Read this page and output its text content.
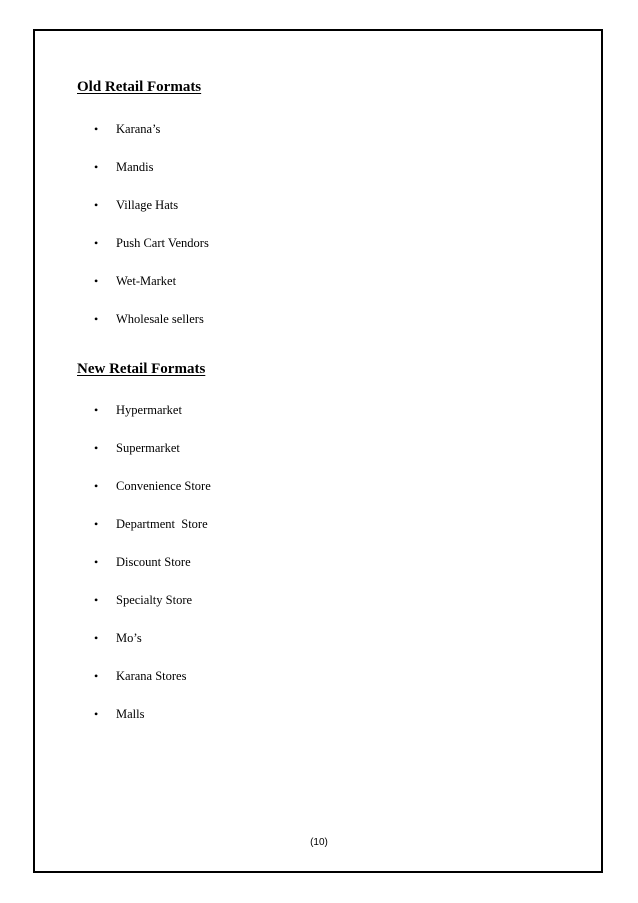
Old Retail Formats
• Karana’s
• Mandis
• Village Hats
• Push Cart Vendors
• Wet-Market
• Wholesale sellers
New Retail Formats
• Hypermarket
• Supermarket
• Convenience Store
• Department  Store
• Discount Store
• Specialty Store
• Mo’s
• Karana Stores
• Malls
(10)
